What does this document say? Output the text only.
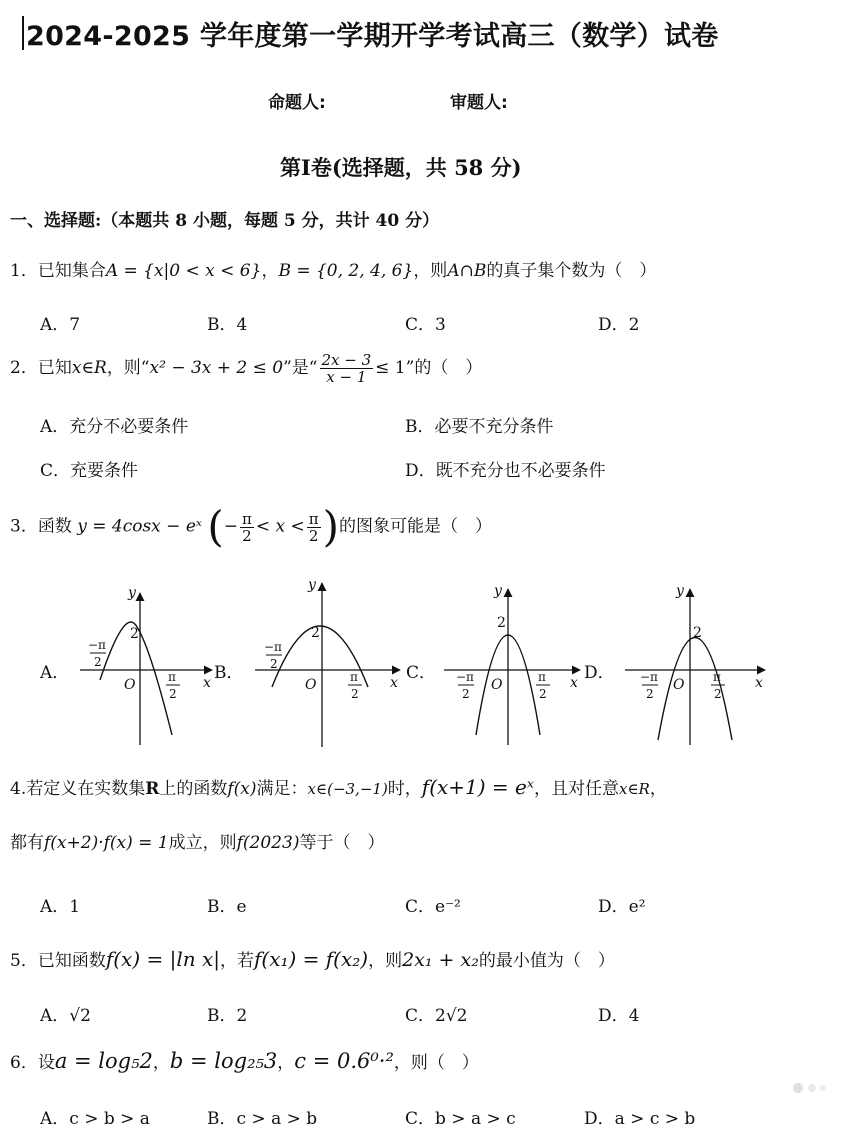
2024-2025 学年度第一学期开学考试高三（数学）试卷
命题人:	审题人:
第Ⅰ卷(选择题，共 58 分)
一、选择题:（本题共 8 小题，每题 5 分，共计 40 分）
1．已知集合A = {x|0 < x < 6}，B = {0, 2, 4, 6}，则A∩B的真子集个数为（　）
A．7	B．4	C．3	D．2
2．已知x∈R，则“x² − 3x + 2 ≤ 0”是“ $\frac{2x - 3}{x - 1} \le 1$”的（　）
A．充分不必要条件	B．必要不充分条件
C．充要条件	D．既不充分也不必要条件
3．函数 y = 4cosx − eˣ (− $\frac{\pi}{2} < x < \frac{\pi}{2}$ )的图象可能是（　）
A．	B．	C．	D．
y
x
O
2
−π
2
π
2
y
x
O
2
−π
2
π
2
y
x
O
2
−π
2
π
2
y
x
O
2
−π
2
π
2
4.若定义在实数集R上的函数f(x)满足：x∈(−3,−1)时，f(x+1) = eˣ，且对任意x∈R，
都有f(x+2)·f(x) = 1成立，则f(2023)等于（　）
A．1	B．e	C．e⁻²	D．e²
5．已知函数f(x) = |ln x|，若f(x₁) = f(x₂)，则2x₁ + x₂的最小值为（　）
A．√2	B．2	C．2√2	D．4
6．设a = log₅2，b = log₂₅3，c = 0.6⁰·²，则（　）
A．c > b > a	B．c > a > b	C．b > a > c	D．a > c > b
